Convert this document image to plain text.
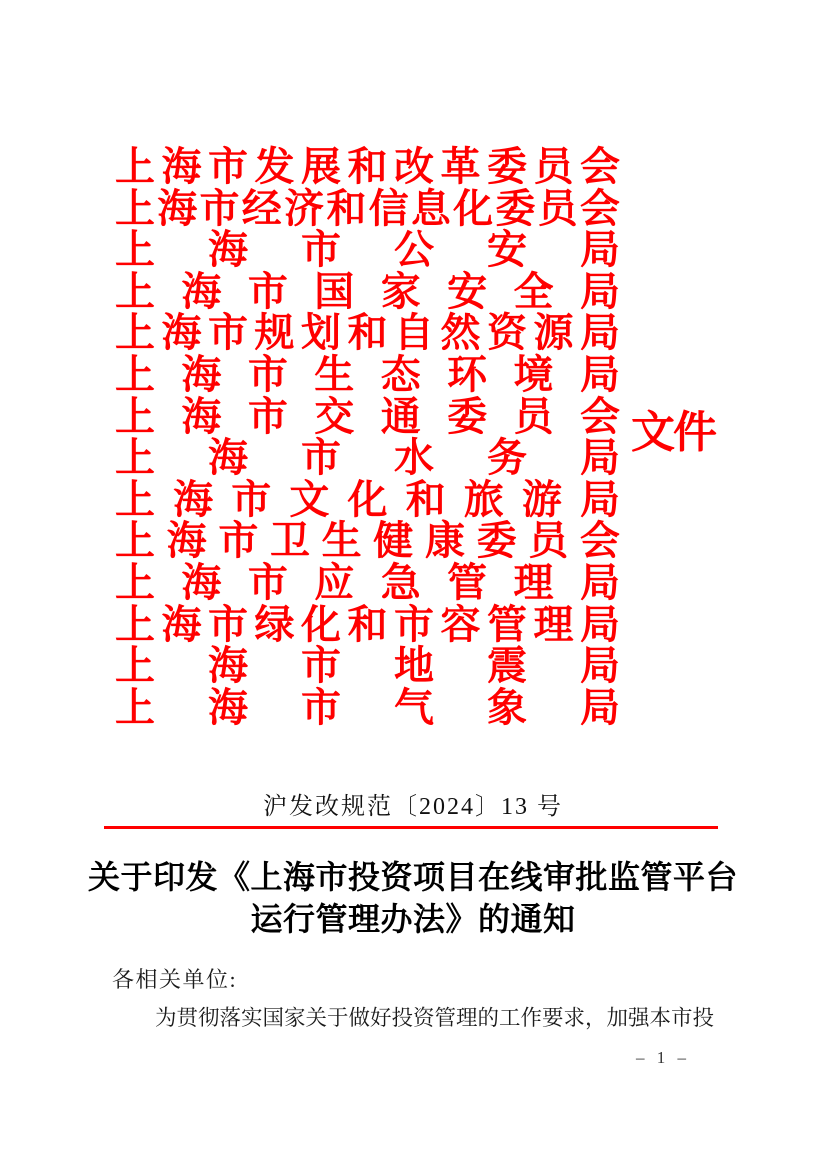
上 海 市 发 展 和 改 革 委 员 会
上 海 市 经 济 和 信 息 化 委 员 会
上 海 市 公 安 局
上 海 市 国 家 安 全 局
上 海 市 规 划 和 自 然 资 源 局
上 海 市 生 态 环 境 局
上 海 市 交 通 委 员 会
上 海 市 水 务 局
上 海 市 文 化 和 旅 游 局
上 海 市 卫 生 健 康 委 员 会
上 海 市 应 急 管 理 局
上 海 市 绿 化 和 市 容 管 理 局
上 海 市 地 震 局
上 海 市 气 象 局
文件
沪发改规范〔2024〕13 号
关于印发《上海市投资项目在线审批监管平台
运行管理办法》的通知
各相关单位:
为贯彻落实国家关于做好投资管理的工作要求，加强本市投
– 1 –
